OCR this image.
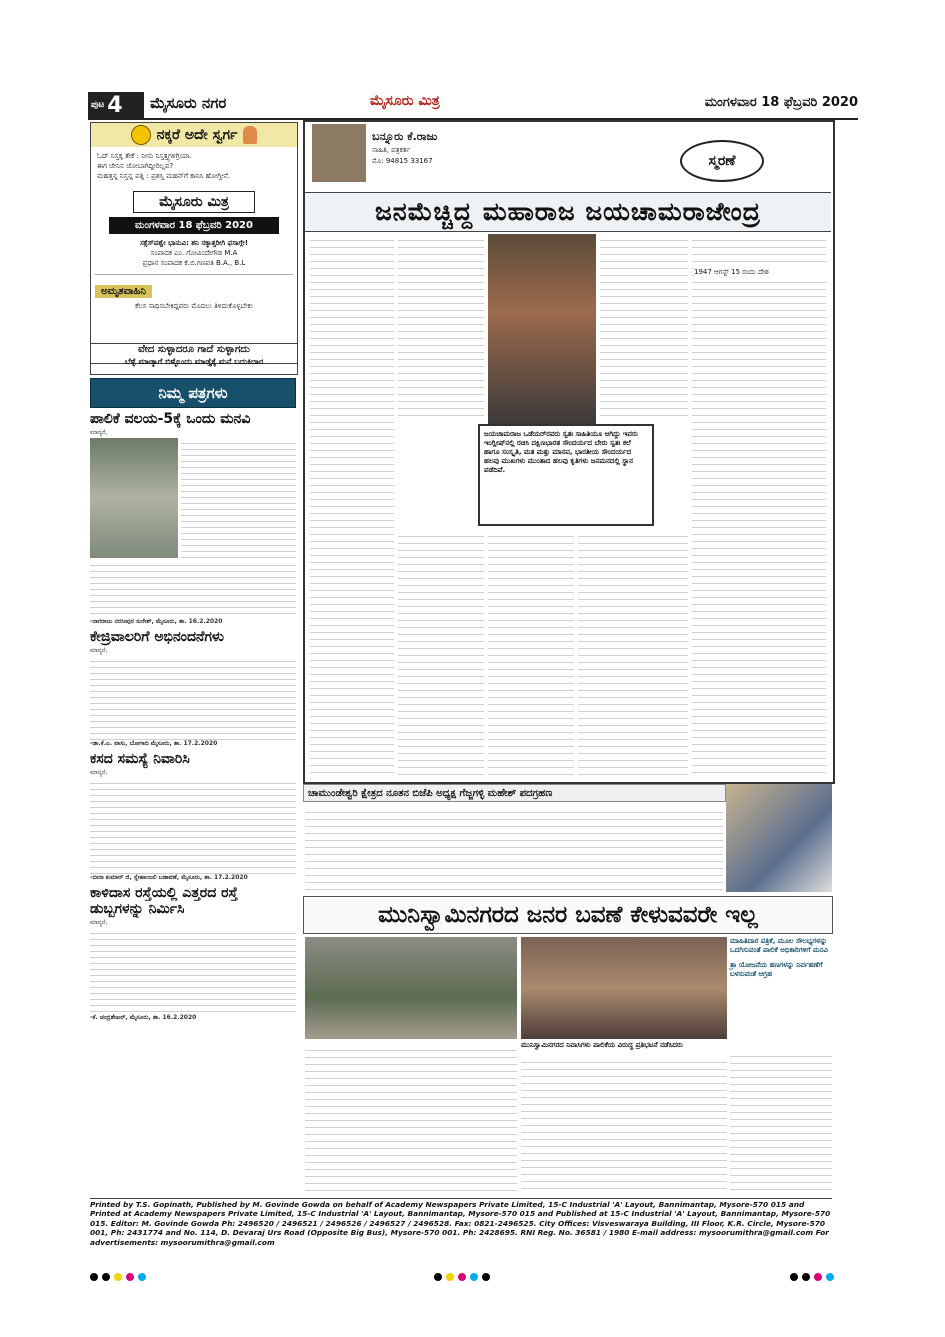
ಪುಟ 4 ಮೈಸೂರು ನಗರ	ಮೈಸೂರು ಮಿತ್ರ	ಮಂಗಳವಾರ 18 ಫೆಬ್ರವರಿ 2020
ನಕ್ಕರೆ ಅದೇ ಸ್ವರ್ಗ
ಓದ್ ನಿಸ್ತಕ್ಕ ತೇಕೆ : ನೀನು ನಿಸ್ತತ್ತ್ವಗಳಿಗ್ರಿಯಾ.
ಈಗ ಜೇನಿನ ಜೋಬಾಗಿದ್ದೀರಿಲ್ಲವ?
ಮಹತ್ತನ್ನ ನಿಸ್ತನ್ನ ಪತ್ನಿ : ಪ್ರಶಸ್ತಿ ಮಹನ್‌ಗೆ ಕಾನಿಸಿ ಹೋಗ್ತೀನೆ.
ಮೈಸೂರು ಮಿತ್ರ
ಮಂಗಳವಾರ 18 ಫೆಬ್ರವರಿ 2020
ಸಕ್ಸೆಸ್‌ವಶ್ವೇ ಭಾನುವಿ: ಶನಿ ಸಕ್ಕಾತ್ತರೀಗಿ ಫಸಾಗ್ಗೇ!
ಸಂಪಾದಕ ಎಂ. ಗೋವಿಂದೇಗೌಡ M.A
ಪ್ರಧಾನ ಸಂಪಾದಕ ಕೆ.ಬಿ.ಗಣಪತಿ B.A., B.L
ಅಮೃತವಾಹಿನಿ
ಕೆಲಸ ಸಾಧಿಸಬೇಕಿದ್ದವರು ಮೊದಲು ತಿಳಿದುಕೊಳ್ಳಬೇಕು
ವೇದ ಸುಳ್ಳಾದರೂ ಗಾದೆ ಸುಳ್ಳಾಗದು
ಬೆಳ್ಳೆ ಮಾಡ್ಕಾಗೆ ಬಿಳ್ಳೊಂದು ಮಾಡ್ತೈಕ್ಕೆ ಮನೆ ಬದುಕಿದಾರ
ನಿಮ್ಮ ಪತ್ರಗಳು
ಪಾಲಿಕೆ ವಲಯ-5ಕ್ಕೆ ಒಂದು ಮನವಿ
ಮಾನ್ಯರೆ,
-ನಾಗರಾಜು ನರಸೀಪುರ ಸುರೇಶ್, ಮೈಸೂರು, ತಾ. 16.2.2020
ಕೇಜ್ರಿವಾಲರಿಗೆ ಅಭಿನಂದನೆಗಳು
ಮಾನ್ಯರೆ,
-ಡಾ.ಕೆ.ಎ. ವಾಸು, ಬೋಗಾದಿ ಮೈಸೂರು, ತಾ. 17.2.2020
ಕಸದ ಸಮಸ್ಯೆ ನಿವಾರಿಸಿ
ಮಾನ್ಯರೆ,
-ಬೀನಾ ಕುಮಾರ್ ಜಿ, ಸ್ನೇಹಾಂಜಲಿ ಬಡಾವಣೆ, ಮೈಸೂರು, ತಾ. 17.2.2020
ಕಾಳಿದಾಸ ರಸ್ತೆಯಲ್ಲಿ ಎತ್ತರದ ರಸ್ತೆ ಡುಬ್ಬಗಳನ್ನು ನಿರ್ಮಿಸಿ
ಮಾನ್ಯರೆ,
-ಕೆ. ಚಂದ್ರಶೇಖರ್, ಮೈಸೂರು, ತಾ. 16.2.2020
ಬನ್ನೂರು ಕೆ.ರಾಜು
ಸಾಹಿತಿ, ಪತ್ರಕರ್ತ
ಮೊ: 94815 33167	ಸ್ಮರಣೆ
ಜನಮೆಚ್ಚಿದ್ದ ಮಹಾರಾಜ ಜಯಚಾಮರಾಜೇಂದ್ರ
1947 ಆಗಸ್ಟ್ 15 ರಂದು ದೇಶ
ಜಯಚಾಮರಾಜ ಒಡೆಯರ್‌ರವರು ಸ್ವತಃ ಸಾಹಿತಿಯೂ ಆಗಿದ್ದು ಇವರು ಇಂಗ್ಲೀಷ್‌ನಲ್ಲಿ ರಚಿಸಿ ದಕ್ಷಿಣಭಾರತ ಸೌಂದರ್ಯದ ಬೇರು ಸ್ವತಃ ಕಲೆ ಹಾಗೂ ಸಂಸ್ಕೃತಿ, ಮತ ಮತ್ತು ಮಾನವ, ಭಾರತೀಯ ಸೌಂದರ್ಯದ ಹಲವು ಮುಖಗಳು ಮುಂತಾದ ಹಲವು ಕೃತಿಗಳು ಜನಮನದಲ್ಲಿ ಸ್ಥಾನ ಪಡೆದಿವೆ.
ಚಾಮುಂಡೇಶ್ವರಿ ಕ್ಷೇತ್ರದ ನೂತನ ಬಿಜೆಪಿ ಅಧ್ಯಕ್ಷ ಗೆಜ್ಜಗಳ್ಳಿ ಮಹೇಶ್ ಪದಗ್ರಹಣ
ಮುನಿಸ್ವಾಮಿನಗರದ ಜನರ ಬವಣೆ ಕೇಳುವವರೇ ಇಲ್ಲ
ಮಾಹಿತಿದಾರ ಪತ್ರಿಕೆ, ಮೂಲ ಸೌಲಭ್ಯಗಳನ್ನು ಒದಗಿಸುವಂತೆ ಪಾಲಿಕೆ ಅಧಿಕಾರಿಗಳಿಗೆ ಮನವಿ
ತ್ರಾ ಯೋಜನೆಯ ಹಣಗಳನ್ನು ನಿರ್ವಹಣೆಗೆ ಬಳಸುವಂತೆ ಆಗ್ರಹ
ಮುನಿಸ್ವಾಮಿನಗರದ ನಿವಾಸಿಗಳು ಪಾಲಿಕೆಯ ವಿರುದ್ಧ ಪ್ರತಿಭಟನೆ ನಡೆಸಿದರು
Printed by T.S. Gopinath, Published by M. Govinde Gowda on behalf of Academy Newspapers Private Limited, 15-C Industrial 'A' Layout, Bannimantap, Mysore-570 015 and Printed at Academy Newspapers Private Limited, 15-C Industrial 'A' Layout, Bannimantap, Mysore-570 015 and Published at 15-C Industrial 'A' Layout, Bannimantap, Mysore-570 015. Editor: M. Govinde Gowda Ph: 2496520 / 2496521 / 2496526 / 2496527 / 2496528. Fax: 0821-2496525. City Offices: Visveswaraya Building, III Floor, K.R. Circle, Mysore-570 001, Ph: 2431774 and No. 114, D. Devaraj Urs Road (Opposite Big Bus), Mysore-570 001. Ph: 2428695. RNI Reg. No. 36581 / 1980 E-mail address: mysoorumithra@gmail.com For advertisements: mysoorumithra@gmail.com
